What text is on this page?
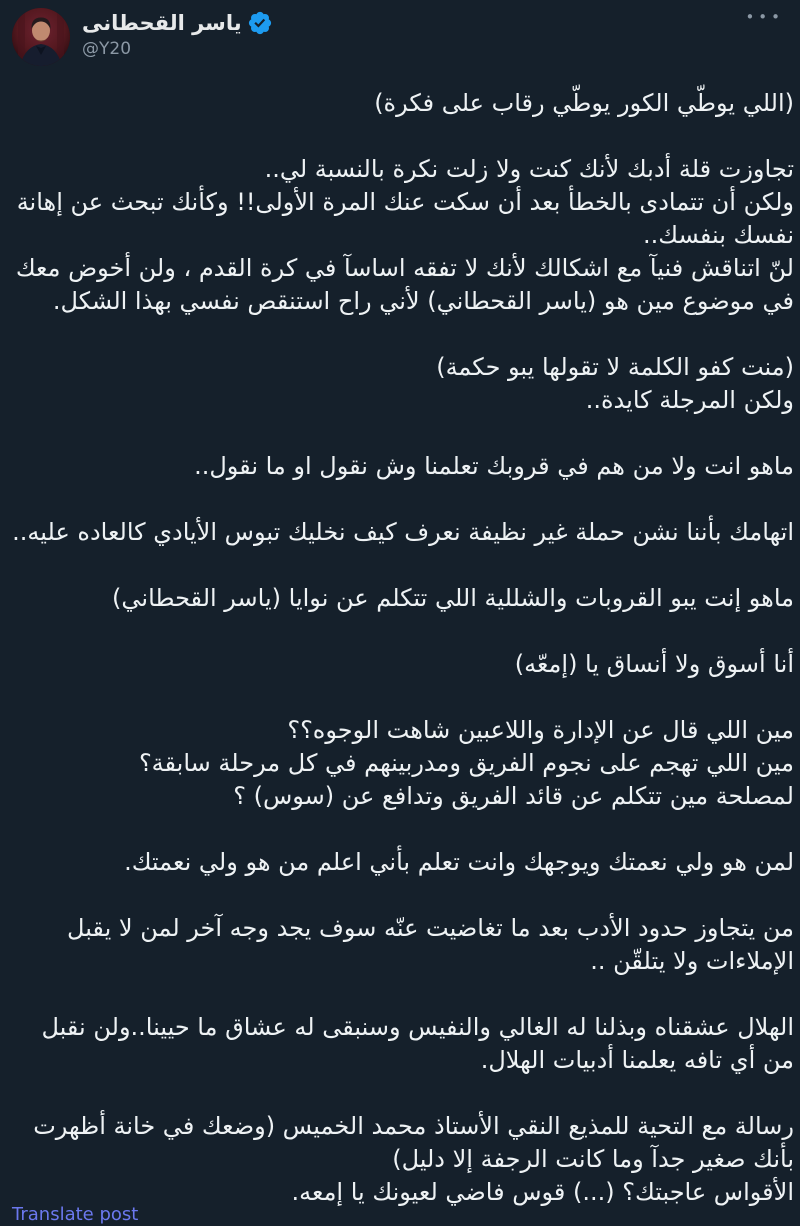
ياسر القحطانى
@Y20
•••
(اللي يوطّي الكور يوطّي رقاب على فكرة)

تجاوزت قلة أدبك لأنك كنت ولا زلت نكرة بالنسبة لي..
ولكن أن تتمادى بالخطأ بعد أن سكت عنك المرة الأولى!! وكأنك تبحث عن إهانة نفسك بنفسك..
لنّ اتناقش فنيآ مع اشكالك لأنك لا تفقه اساسآ في كرة القدم ، ولن أخوض معك في موضوع مين هو (ياسر القحطاني) لأني راح استنقص نفسي بهذا الشكل.

(منت كفو الكلمة لا تقولها يبو حكمة)
ولكن المرجلة كايدة..

ماهو انت ولا من هم في قروبك تعلمنا وش نقول او ما نقول..

اتهامك بأننا نشن حملة غير نظيفة نعرف كيف نخليك تبوس الأيادي كالعاده عليه..

ماهو إنت يبو القروبات والشللية اللي تتكلم عن نوايا (ياسر القحطاني)

أنا أسوق ولا أنساق يا (إمعّه)

مين اللي قال عن الإدارة واللاعبين شاهت الوجوه؟؟
مين اللي تهجم على نجوم الفريق ومدربينهم في كل مرحلة سابقة؟
لمصلحة مين تتكلم عن قائد الفريق وتدافع عن (سوس) ؟

لمن هو ولي نعمتك ويوجهك وانت تعلم بأني اعلم من هو ولي نعمتك.

من يتجاوز حدود الأدب بعد ما تغاضيت عنّه سوف يجد وجه آخر لمن لا يقبل الإملاءات ولا يتلقّن ..

الهلال عشقناه وبذلنا له الغالي والنفيس وسنبقى له عشاق ما حيينا..ولن نقبل من أي تافه يعلمنا أدبيات الهلال.

رسالة مع التحية للمذيع النقي الأستاذ محمد الخميس (وضعك في خانة أظهرت بأنك صغير جدآ وما كانت الرجفة إلا دليل)
الأقواس عاجبتك؟ (...) قوس فاضي لعيونك يا إمعه.
Translate post
